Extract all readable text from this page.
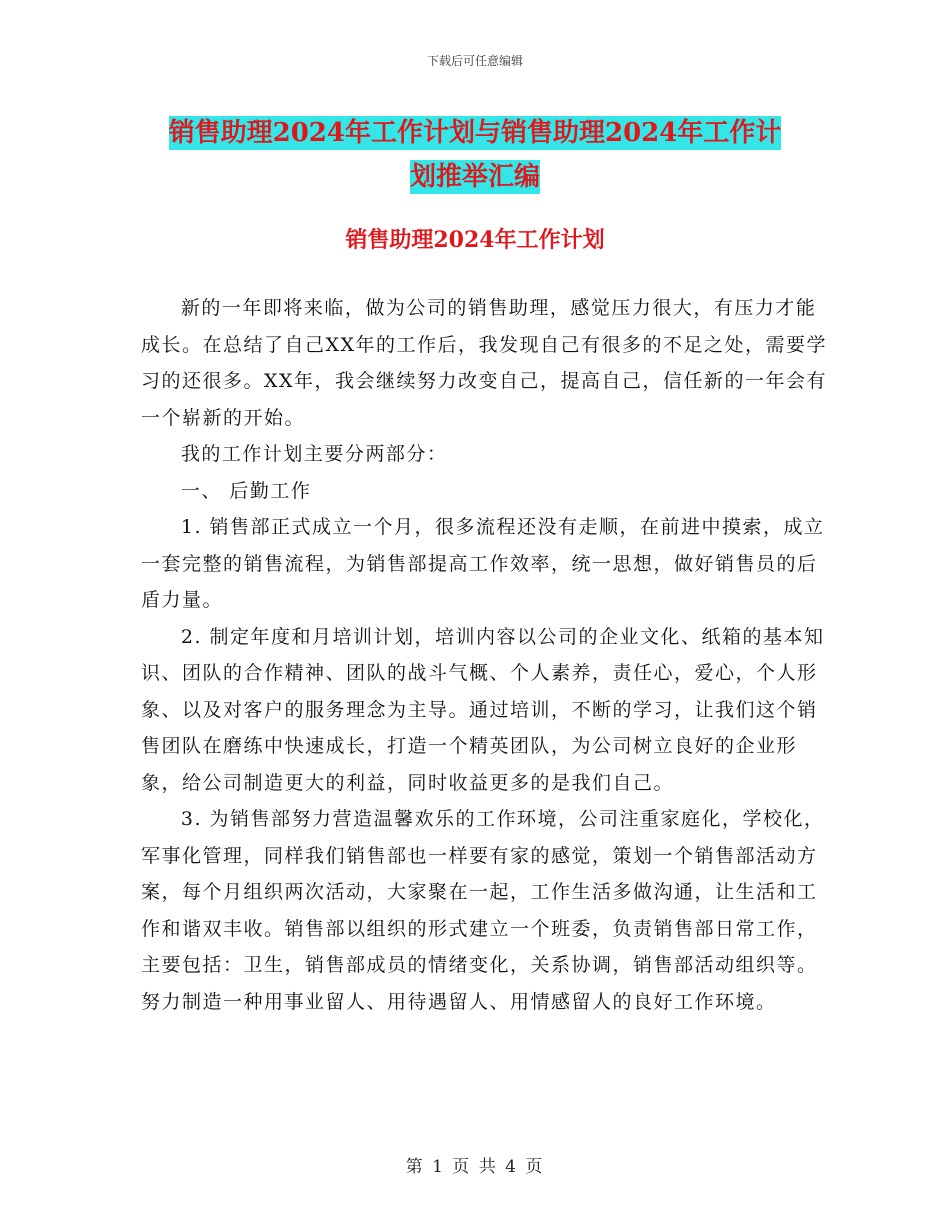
下载后可任意编辑
销售助理2024年工作计划与销售助理2024年工作计
划推举汇编
销售助理2024年工作计划

新的一年即将来临，做为公司的销售助理，感觉压力很大，有压力才能成长。在总结了自己XX年的工作后，我发现自己有很多的不足之处，需要学习的还很多。XX年，我会继续努力改变自己，提高自己，信任新的一年会有一个崭新的开始。

我的工作计划主要分两部分：

一、 后勤工作

1. 销售部正式成立一个月，很多流程还没有走顺，在前进中摸索，成立一套完整的销售流程，为销售部提高工作效率，统一思想，做好销售员的后盾力量。

2. 制定年度和月培训计划，培训内容以公司的企业文化、纸箱的基本知识、团队的合作精神、团队的战斗气概、个人素养，责任心，爱心，个人形象、以及对客户的服务理念为主导。通过培训，不断的学习，让我们这个销售团队在磨练中快速成长，打造一个精英团队，为公司树立良好的企业形象，给公司制造更大的利益，同时收益更多的是我们自己。

3. 为销售部努力营造温馨欢乐的工作环境，公司注重家庭化，学校化，军事化管理，同样我们销售部也一样要有家的感觉，策划一个销售部活动方案，每个月组织两次活动，大家聚在一起，工作生活多做沟通，让生活和工作和谐双丰收。销售部以组织的形式建立一个班委，负责销售部日常工作，主要包括：卫生，销售部成员的情绪变化，关系协调，销售部活动组织等。努力制造一种用事业留人、用待遇留人、用情感留人的良好工作环境。

第 1 页 共 4 页
